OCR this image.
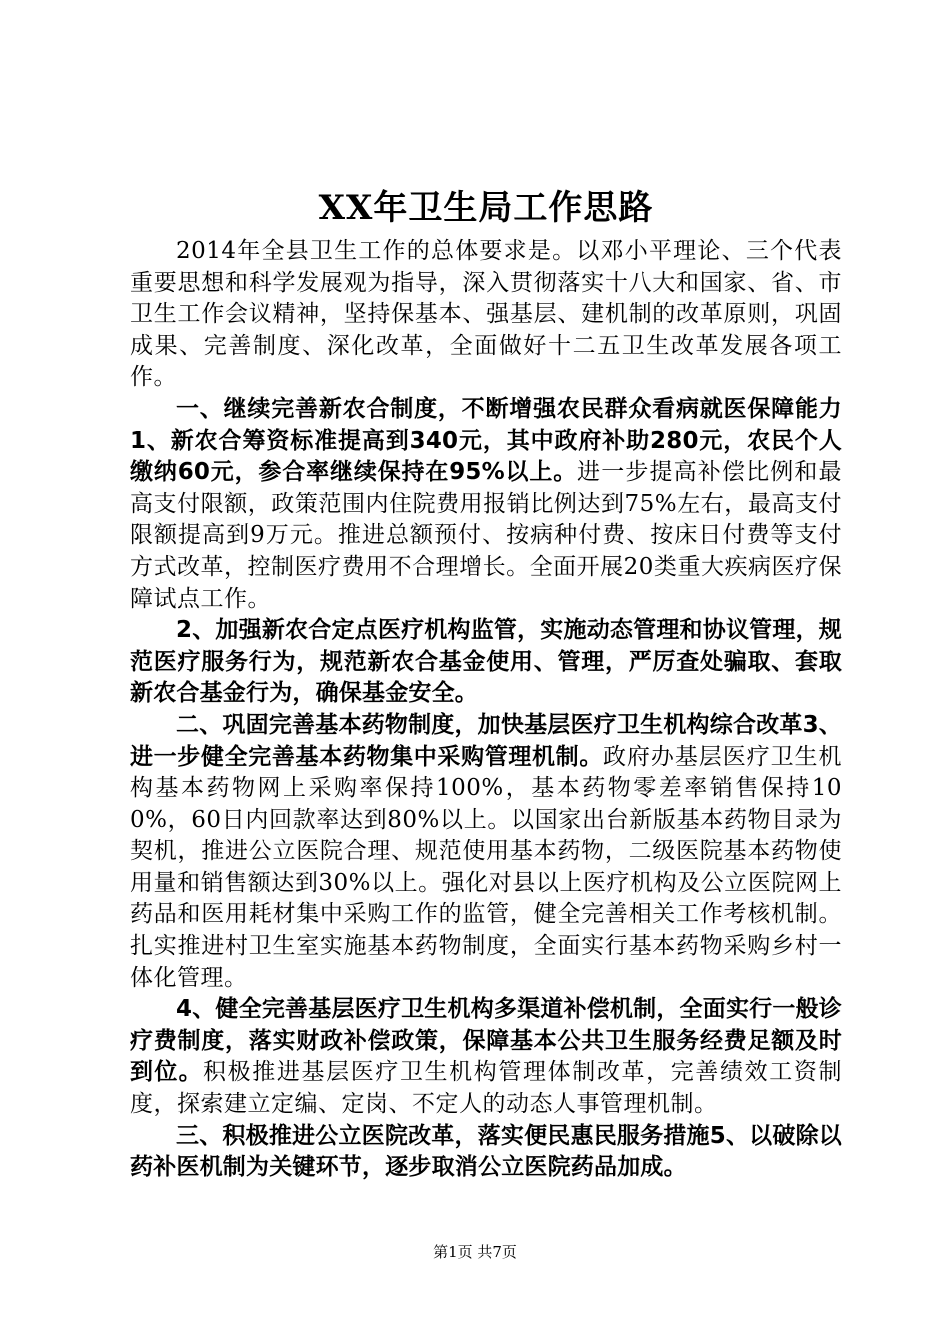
XX年卫生局工作思路

2014年全县卫生工作的总体要求是。以邓小平理论、三个代表重要思想和科学发展观为指导，深入贯彻落实十八大和国家、省、市卫生工作会议精神，坚持保基本、强基层、建机制的改革原则，巩固成果、完善制度、深化改革，全面做好十二五卫生改革发展各项工作。

一、继续完善新农合制度，不断增强农民群众看病就医保障能力1、新农合筹资标准提高到340元，其中政府补助280元，农民个人缴纳60元，参合率继续保持在95%以上。进一步提高补偿比例和最高支付限额，政策范围内住院费用报销比例达到75%左右，最高支付限额提高到9万元。推进总额预付、按病种付费、按床日付费等支付方式改革，控制医疗费用不合理增长。全面开展20类重大疾病医疗保障试点工作。

2、加强新农合定点医疗机构监管，实施动态管理和协议管理，规范医疗服务行为，规范新农合基金使用、管理，严厉查处骗取、套取新农合基金行为，确保基金安全。

二、巩固完善基本药物制度，加快基层医疗卫生机构综合改革3、进一步健全完善基本药物集中采购管理机制。政府办基层医疗卫生机构基本药物网上采购率保持100%，基本药物零差率销售保持100%，60日内回款率达到80%以上。以国家出台新版基本药物目录为契机，推进公立医院合理、规范使用基本药物，二级医院基本药物使用量和销售额达到30%以上。强化对县以上医疗机构及公立医院网上药品和医用耗材集中采购工作的监管，健全完善相关工作考核机制。扎实推进村卫生室实施基本药物制度，全面实行基本药物采购乡村一体化管理。

4、健全完善基层医疗卫生机构多渠道补偿机制，全面实行一般诊疗费制度，落实财政补偿政策，保障基本公共卫生服务经费足额及时到位。积极推进基层医疗卫生机构管理体制改革，完善绩效工资制度，探索建立定编、定岗、不定人的动态人事管理机制。

三、积极推进公立医院改革，落实便民惠民服务措施5、以破除以药补医机制为关键环节，逐步取消公立医院药品加成。

第1页 共7页
